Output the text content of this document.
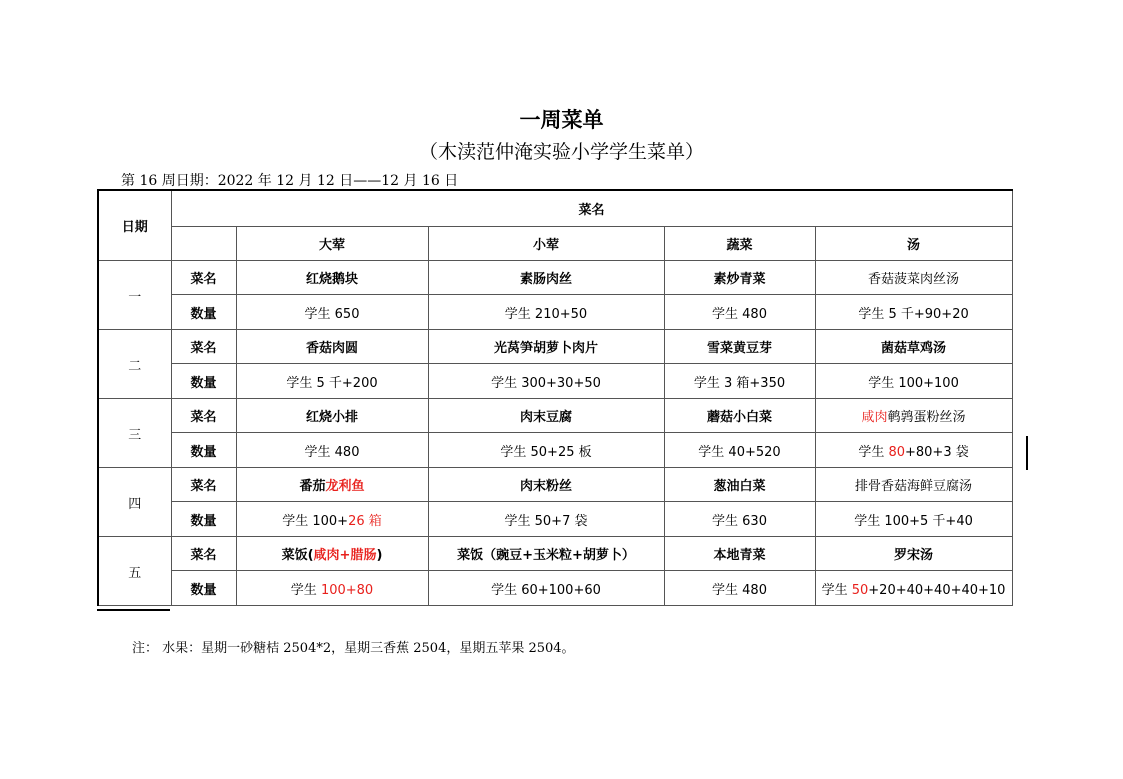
一周菜单
（木渎范仲淹实验小学学生菜单）
第 16 周日期：2022 年 12 月 12 日——12 月 16 日
日期	菜名				
		大荤	小荤	蔬菜	汤
一	菜名	红烧鹅块	素肠肉丝	素炒青菜	香菇菠菜肉丝汤
	数量	学生 650	学生 210+50	学生 480	学生 5 千+90+20
二	菜名	香菇肉圆	光莴笋胡萝卜肉片	雪菜黄豆芽	菌菇草鸡汤
	数量	学生 5 千+200	学生 300+30+50	学生 3 箱+350	学生 100+100
三	菜名	红烧小排	肉末豆腐	蘑菇小白菜	咸肉鹌鹑蛋粉丝汤
	数量	学生 480	学生 50+25 板	学生 40+520	学生 80+80+3 袋
四	菜名	番茄龙利鱼	肉末粉丝	葱油白菜	排骨香菇海鲜豆腐汤
	数量	学生 100+26 箱	学生 50+7 袋	学生 630	学生 100+5 千+40
五	菜名	菜饭(咸肉+腊肠)	菜饭（豌豆+玉米粒+胡萝卜）	本地青菜	罗宋汤
	数量	学生 100+80	学生 60+100+60	学生 480	学生 50+20+40+40+40+10
注： 水果：星期一砂糖桔 2504*2，星期三香蕉 2504，星期五苹果 2504。
